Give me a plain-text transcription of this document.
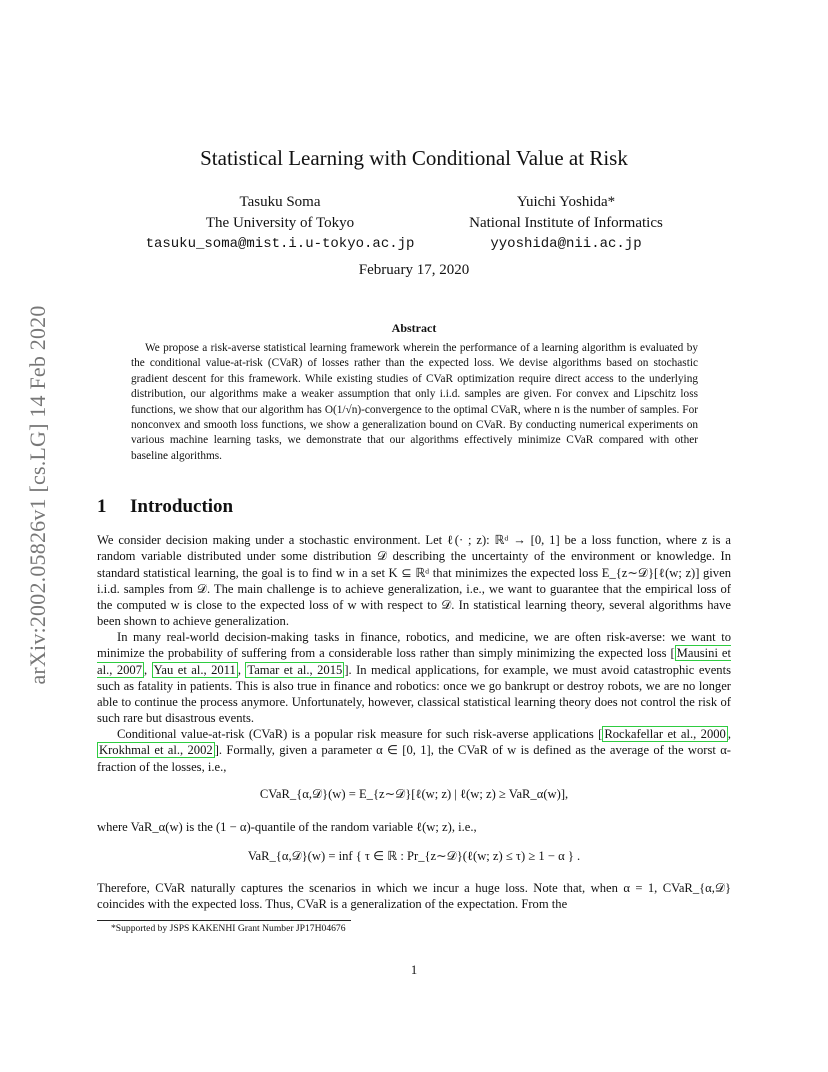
arXiv:2002.05826v1 [cs.LG] 14 Feb 2020
Statistical Learning with Conditional Value at Risk
Tasuku Soma
The University of Tokyo
tasuku_soma@mist.i.u-tokyo.ac.jp
Yuichi Yoshida*
National Institute of Informatics
yyoshida@nii.ac.jp
February 17, 2020
Abstract
We propose a risk-averse statistical learning framework wherein the performance of a learning algorithm is evaluated by the conditional value-at-risk (CVaR) of losses rather than the expected loss. We devise algorithms based on stochastic gradient descent for this framework. While existing studies of CVaR optimization require direct access to the underlying distribution, our algorithms make a weaker assumption that only i.i.d. samples are given. For convex and Lipschitz loss functions, we show that our algorithm has O(1/√n)-convergence to the optimal CVaR, where n is the number of samples. For nonconvex and smooth loss functions, we show a generalization bound on CVaR. By conducting numerical experiments on various machine learning tasks, we demonstrate that our algorithms effectively minimize CVaR compared with other baseline algorithms.
1 Introduction
We consider decision making under a stochastic environment. Let ℓ(· ; z): ℝᵈ → [0, 1] be a loss function, where z is a random variable distributed under some distribution 𝒟 describing the uncertainty of the environment or knowledge. In standard statistical learning, the goal is to find w in a set K ⊆ ℝᵈ that minimizes the expected loss E_{z∼𝒟}[ℓ(w; z)] given i.i.d. samples from 𝒟. The main challenge is to achieve generalization, i.e., we want to guarantee that the empirical loss of the computed w is close to the expected loss of w with respect to 𝒟. In statistical learning theory, several algorithms have been shown to achieve generalization.
In many real-world decision-making tasks in finance, robotics, and medicine, we are often risk-averse: we want to minimize the probability of suffering from a considerable loss rather than simply minimizing the expected loss [ Mausini et al., 2007 , Yau et al., 2011 , Tamar et al., 2015 ]. In medical applications, for example, we must avoid catastrophic events such as fatality in patients. This is also true in finance and robotics: once we go bankrupt or destroy robots, we are no longer able to continue the process anymore. Unfortunately, however, classical statistical learning theory does not control the risk of such rare but disastrous events.
Conditional value-at-risk (CVaR) is a popular risk measure for such risk-averse applications [ Rockafellar et al., 2000 , Krokhmal et al., 2002 ]. Formally, given a parameter α ∈ [0, 1], the CVaR of w is defined as the average of the worst α-fraction of the losses, i.e.,
CVaR_{α,𝒟}(w) = E_{z∼𝒟}[ℓ(w; z) | ℓ(w; z) ≥ VaR_α(w)],
where VaR_α(w) is the (1 − α)-quantile of the random variable ℓ(w; z), i.e.,
VaR_{α,𝒟}(w) = inf { τ ∈ ℝ : Pr_{z∼𝒟}(ℓ(w; z) ≤ τ) ≥ 1 − α } .
Therefore, CVaR naturally captures the scenarios in which we incur a huge loss. Note that, when α = 1, CVaR_{α,𝒟} coincides with the expected loss. Thus, CVaR is a generalization of the expectation. From the
*Supported by JSPS KAKENHI Grant Number JP17H04676
1
